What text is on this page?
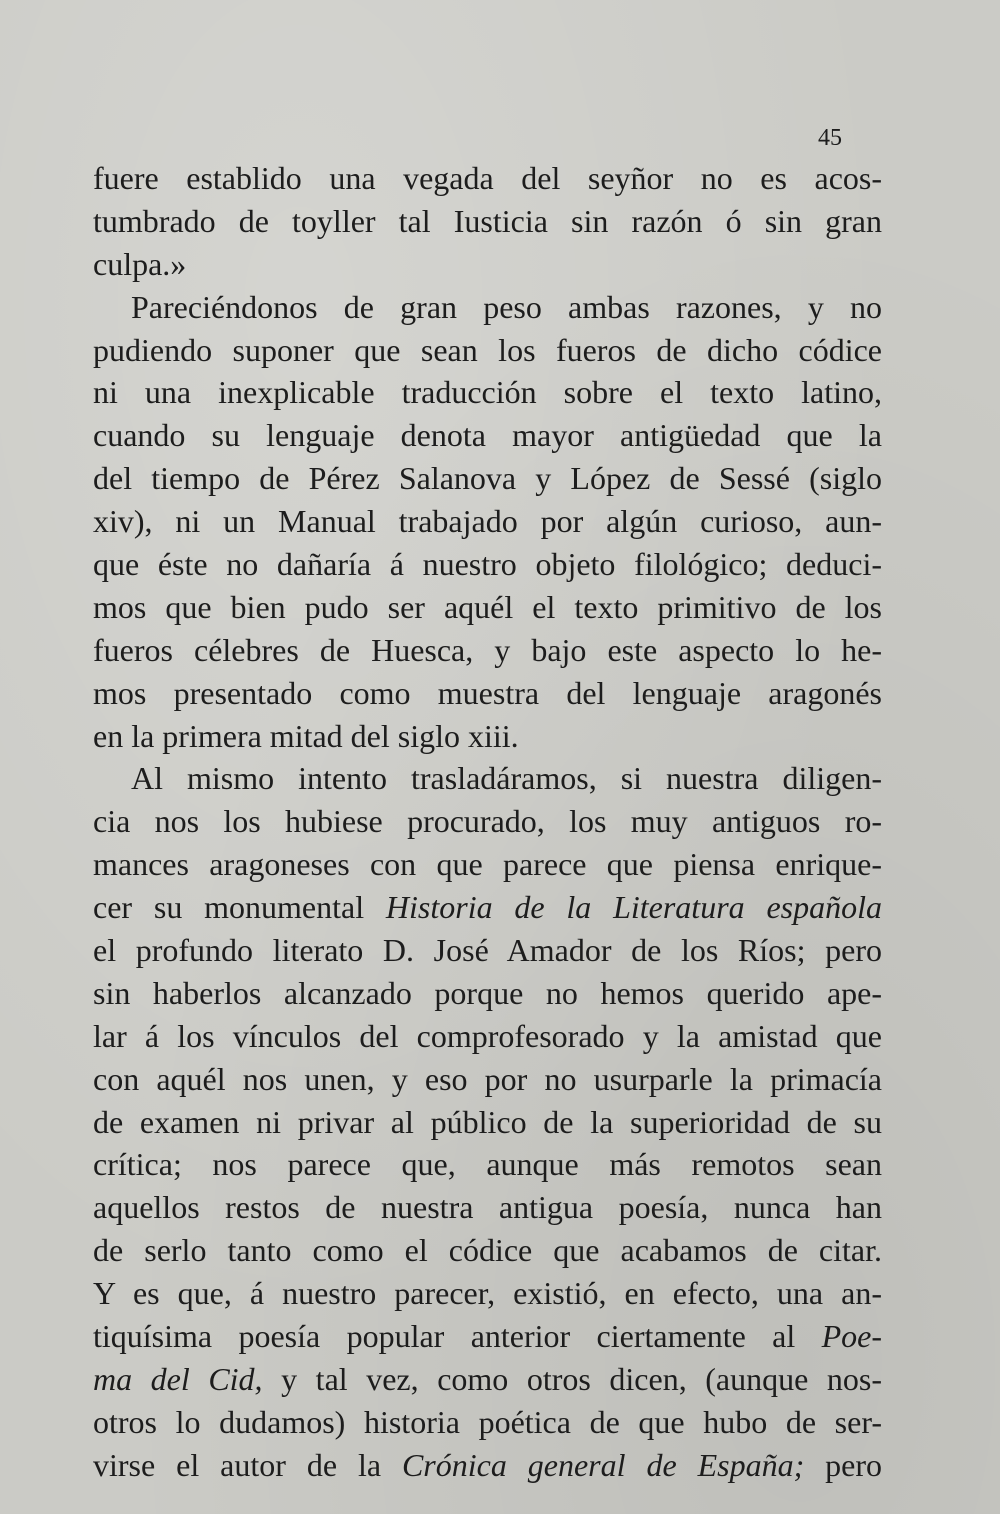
45
fuere establido una vegada del seyñor no es acos-
tumbrado de toyller tal Iusticia sin razón ó sin gran
culpa.»
Pareciéndonos de gran peso ambas razones, y no
pudiendo suponer que sean los fueros de dicho códice
ni una inexplicable traducción sobre el texto latino,
cuando su lenguaje denota mayor antigüedad que la
del tiempo de Pérez Salanova y López de Sessé (siglo
xiv), ni un Manual trabajado por algún curioso, aun-
que éste no dañaría á nuestro objeto filológico; deduci-
mos que bien pudo ser aquél el texto primitivo de los
fueros célebres de Huesca, y bajo este aspecto lo he-
mos presentado como muestra del lenguaje aragonés
en la primera mitad del siglo xiii.
Al mismo intento trasladáramos, si nuestra diligen-
cia nos los hubiese procurado, los muy antiguos ro-
mances aragoneses con que parece que piensa enrique-
cer su monumental Historia de la Literatura española
el profundo literato D. José Amador de los Ríos; pero
sin haberlos alcanzado porque no hemos querido ape-
lar á los vínculos del comprofesorado y la amistad que
con aquél nos unen, y eso por no usurparle la primacía
de examen ni privar al público de la superioridad de su
crítica; nos parece que, aunque más remotos sean
aquellos restos de nuestra antigua poesía, nunca han
de serlo tanto como el códice que acabamos de citar.
Y es que, á nuestro parecer, existió, en efecto, una an-
tiquísima poesía popular anterior ciertamente al Poe-
ma del Cid, y tal vez, como otros dicen, (aunque nos-
otros lo dudamos) historia poética de que hubo de ser-
virse el autor de la Crónica general de España; pero
